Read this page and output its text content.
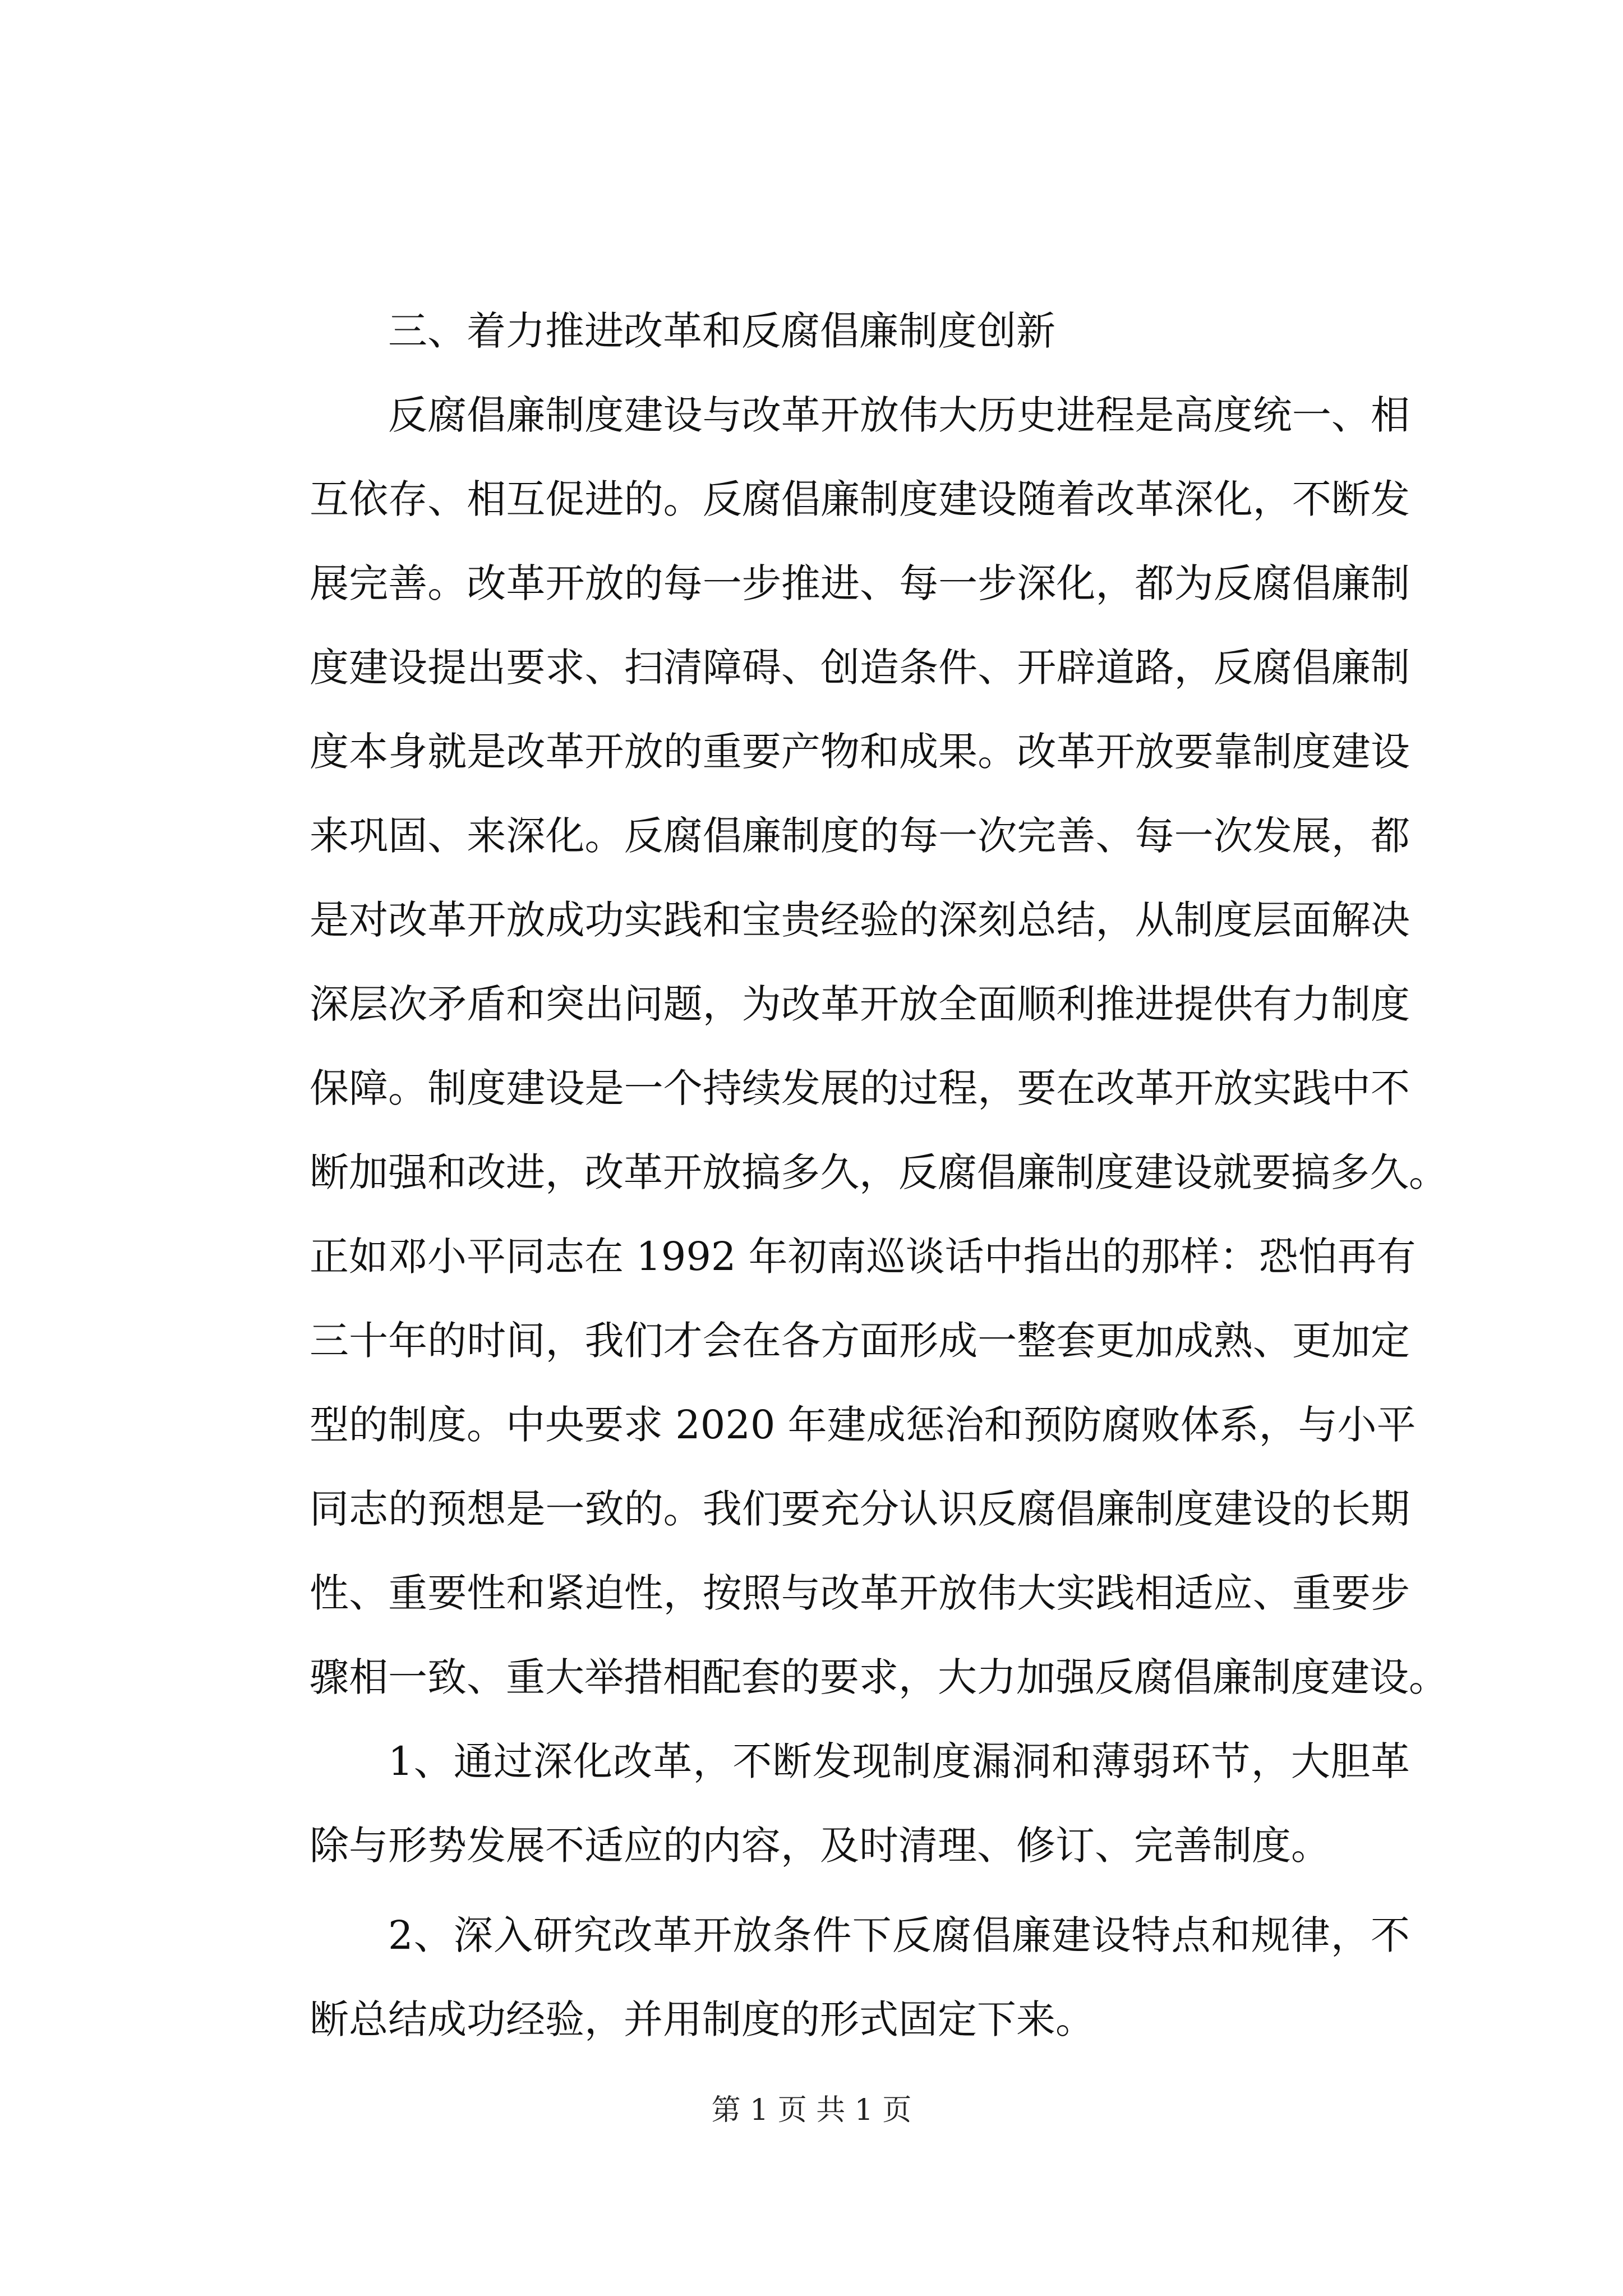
三、着力推进改革和反腐倡廉制度创新
反腐倡廉制度建设与改革开放伟大历史进程是高度统一、相
互依存、相互促进的。反腐倡廉制度建设随着改革深化，不断发
展完善。改革开放的每一步推进、每一步深化，都为反腐倡廉制
度建设提出要求、扫清障碍、创造条件、开辟道路，反腐倡廉制
度本身就是改革开放的重要产物和成果。改革开放要靠制度建设
来巩固、来深化。反腐倡廉制度的每一次完善、每一次发展，都
是对改革开放成功实践和宝贵经验的深刻总结，从制度层面解决
深层次矛盾和突出问题，为改革开放全面顺利推进提供有力制度
保障。制度建设是一个持续发展的过程，要在改革开放实践中不
断加强和改进，改革开放搞多久，反腐倡廉制度建设就要搞多久。
正如邓小平同志在 1992 年初南巡谈话中指出的那样：恐怕再有
三十年的时间，我们才会在各方面形成一整套更加成熟、更加定
型的制度。中央要求 2020 年建成惩治和预防腐败体系，与小平
同志的预想是一致的。我们要充分认识反腐倡廉制度建设的长期
性、重要性和紧迫性，按照与改革开放伟大实践相适应、重要步
骤相一致、重大举措相配套的要求，大力加强反腐倡廉制度建设。
1、通过深化改革，不断发现制度漏洞和薄弱环节，大胆革
除与形势发展不适应的内容，及时清理、修订、完善制度。
2、深入研究改革开放条件下反腐倡廉建设特点和规律，不
断总结成功经验，并用制度的形式固定下来。
第 1 页 共 1 页
